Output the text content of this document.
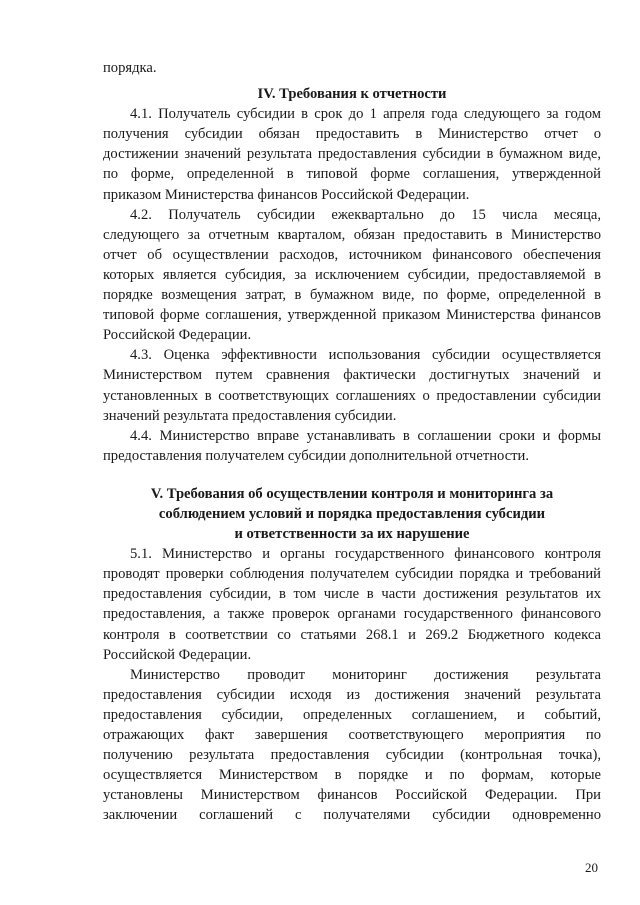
порядка.
IV. Требования к отчетности
4.1. Получатель субсидии в срок до 1 апреля года следующего за годом
получения субсидии обязан предоставить в Министерство отчет о
достижении значений результата предоставления субсидии в бумажном виде,
по форме, определенной в типовой форме соглашения, утвержденной
приказом Министерства финансов Российской Федерации.
4.2. Получатель субсидии ежеквартально до 15 числа месяца,
следующего за отчетным кварталом, обязан предоставить в Министерство
отчет об осуществлении расходов, источником финансового обеспечения
которых является субсидия, за исключением субсидии, предоставляемой в
порядке возмещения затрат, в бумажном виде, по форме, определенной в
типовой форме соглашения, утвержденной приказом Министерства финансов
Российской Федерации.
4.3. Оценка эффективности использования субсидии осуществляется
Министерством путем сравнения фактически достигнутых значений и
установленных в соответствующих соглашениях о предоставлении субсидии
значений результата предоставления субсидии.
4.4. Министерство вправе устанавливать в соглашении сроки и формы
предоставления получателем субсидии дополнительной отчетности.
V. Требования об осуществлении контроля и мониторинга за
соблюдением условий и порядка предоставления субсидии
и ответственности за их нарушение
5.1. Министерство и органы государственного финансового контроля
проводят проверки соблюдения получателем субсидии порядка и требований
предоставления субсидии, в том числе в части достижения результатов их
предоставления, а также проверок органами государственного финансового
контроля в соответствии со статьями 268.1 и 269.2 Бюджетного кодекса
Российской Федерации.
Министерство проводит мониторинг достижения результата
предоставления субсидии исходя из достижения значений результата
предоставления субсидии, определенных соглашением, и событий,
отражающих факт завершения соответствующего мероприятия по
получению результата предоставления субсидии (контрольная точка),
осуществляется Министерством в порядке и по формам, которые
установлены Министерством финансов Российской Федерации. При
заключении соглашений с получателями субсидии одновременно
20
